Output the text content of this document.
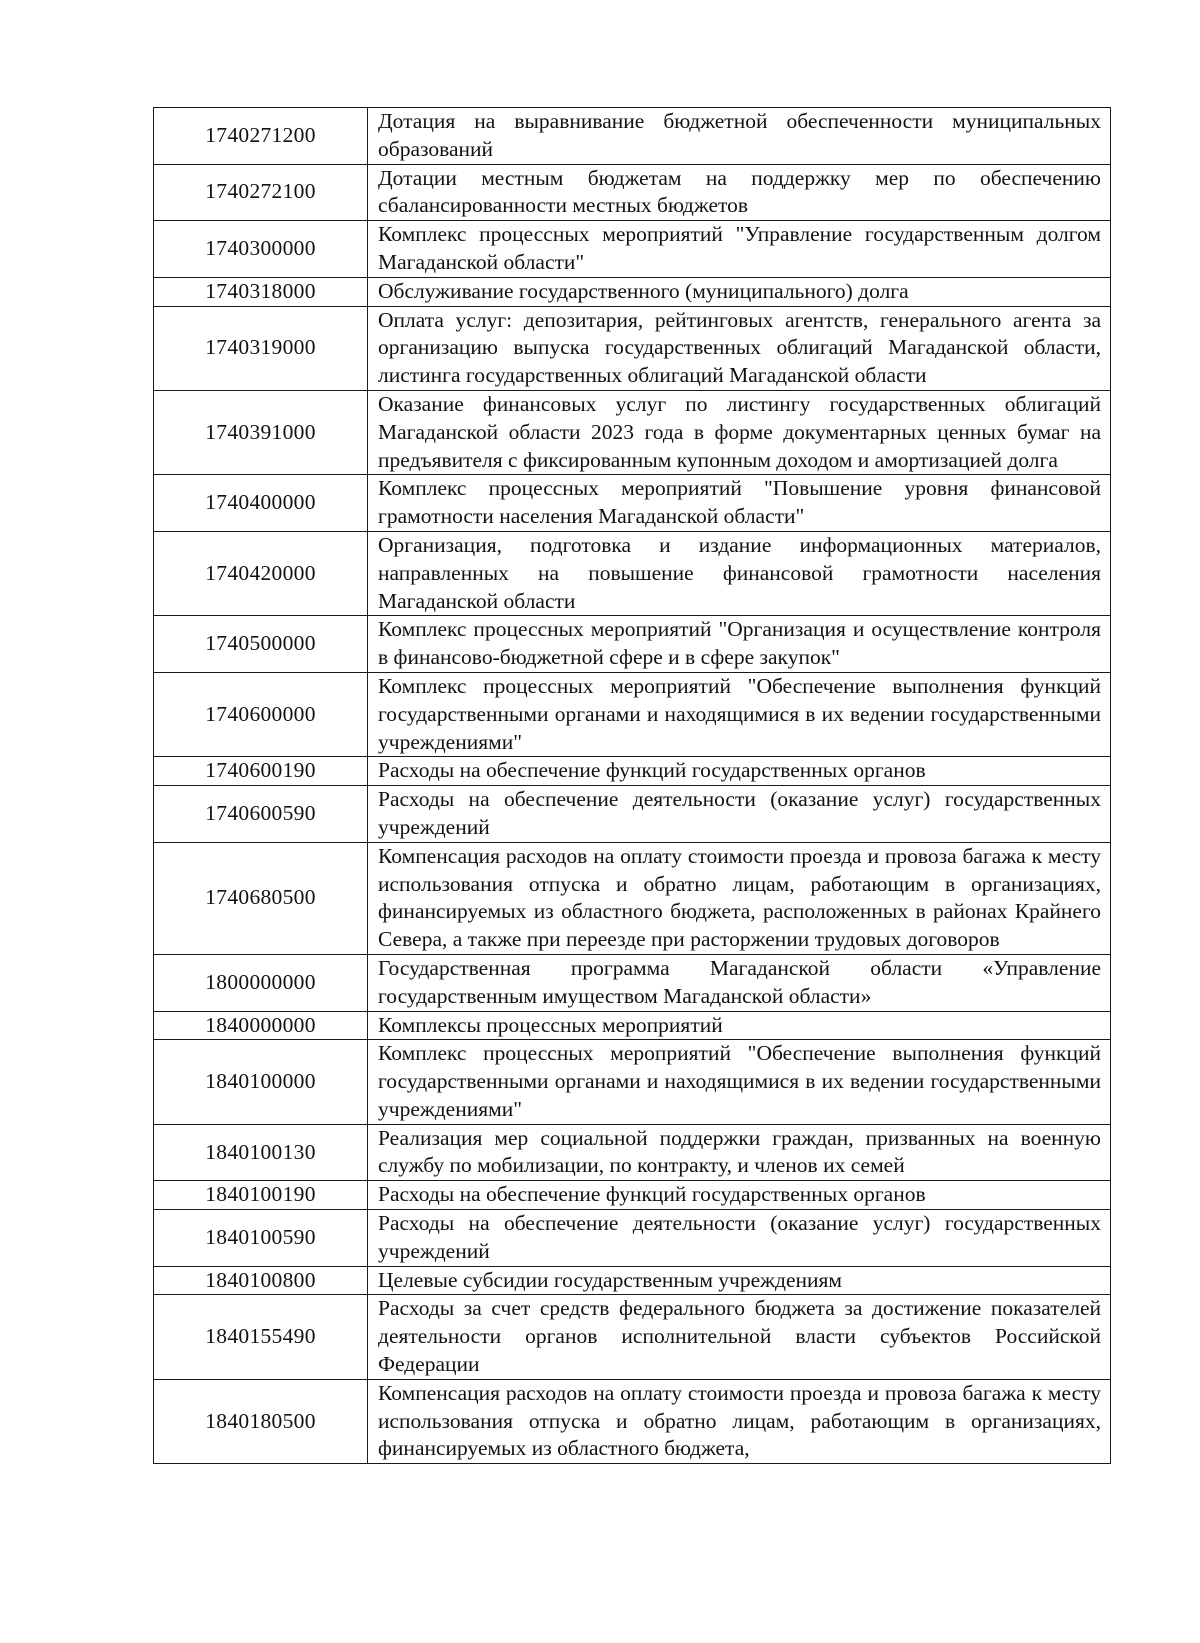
1740271200	Дотация на выравнивание бюджетной обеспеченности муниципальных образований
1740272100	Дотации местным бюджетам на поддержку мер по обеспечению сбалансированности местных бюджетов
1740300000	Комплекс процессных мероприятий "Управление государственным долгом Магаданской области"
1740318000	Обслуживание государственного (муниципального) долга
1740319000	Оплата услуг: депозитария, рейтинговых агентств, генерального агента за организацию выпуска государственных облигаций Магаданской области, листинга государственных облигаций Магаданской области
1740391000	Оказание финансовых услуг по листингу государственных облигаций Магаданской области 2023 года в форме документарных ценных бумаг на предъявителя с фиксированным купонным доходом и амортизацией долга
1740400000	Комплекс процессных мероприятий "Повышение уровня финансовой грамотности населения Магаданской области"
1740420000	Организация, подготовка и издание информационных материалов, направленных на повышение финансовой грамотности населения Магаданской области
1740500000	Комплекс процессных мероприятий "Организация и осуществление контроля в финансово-бюджетной сфере и в сфере закупок"
1740600000	Комплекс процессных мероприятий "Обеспечение выполнения функций государственными органами и находящимися в их ведении государственными учреждениями"
1740600190	Расходы на обеспечение функций государственных органов
1740600590	Расходы на обеспечение деятельности (оказание услуг) государственных учреждений
1740680500	Компенсация расходов на оплату стоимости проезда и провоза багажа к месту использования отпуска и обратно лицам, работающим в организациях, финансируемых из областного бюджета, расположенных в районах Крайнего Севера, а также при переезде при расторжении трудовых договоров
1800000000	Государственная программа Магаданской области «Управление государственным имуществом Магаданской области»
1840000000	Комплексы процессных мероприятий
1840100000	Комплекс процессных мероприятий "Обеспечение выполнения функций государственными органами и находящимися в их ведении государственными учреждениями"
1840100130	Реализация мер социальной поддержки граждан, призванных на военную службу по мобилизации, по контракту, и членов их семей
1840100190	Расходы на обеспечение функций государственных органов
1840100590	Расходы на обеспечение деятельности (оказание услуг) государственных учреждений
1840100800	Целевые субсидии государственным учреждениям
1840155490	Расходы за счет средств федерального бюджета за достижение показателей деятельности органов исполнительной власти субъектов Российской Федерации
1840180500	Компенсация расходов на оплату стоимости проезда и провоза багажа к месту использования отпуска и обратно лицам, работающим в организациях, финансируемых из областного бюджета,
